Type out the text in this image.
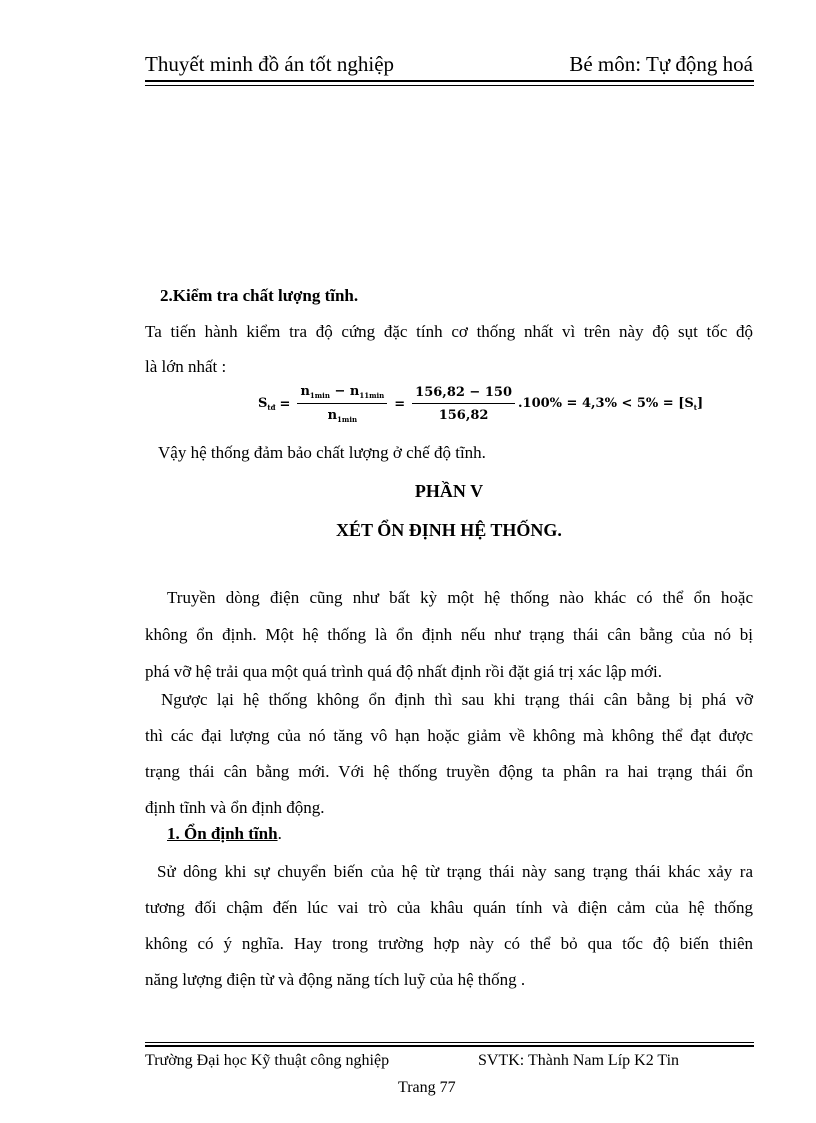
Thuyết minh đồ án tốt nghiệp	Bé môn: Tự động hoá
2.Kiểm tra chất lượng tĩnh.
Ta tiến hành kiểm tra độ cứng đặc tính cơ thống nhất vì trên này độ sụt tốc độ
là lớn nhất :
$S_{tđ} = \frac{n_{1min} - n_{11min}}{n_{1min}} = \frac{156,82 - 150}{156,82} .100\% = 4,3\% < 5\% = [S_t]$
Vậy hệ thống đảm bảo chất lượng ở chế độ tĩnh.
PHẦN V
XÉT ỔN ĐỊNH HỆ THỐNG.
Truyền dòng điện cũng như bất kỳ một hệ thống nào khác có thể ổn hoặc
không ổn định. Một hệ thống là ổn định nếu như trạng thái cân bằng của nó bị
phá vỡ hệ trải qua một quá trình quá độ nhất định rồi đặt giá trị xác lập mới.
Ngược lại hệ thống không ổn định thì sau khi trạng thái cân bằng bị phá vỡ
thì các đại lượng của nó tăng vô hạn hoặc giảm về không mà không thể đạt được
trạng thái cân bằng mới. Với hệ thống truyền động ta phân ra hai trạng thái ổn
định tĩnh và ổn định động.
1. Ổn định tĩnh.
Sử dông khi sự chuyển biến của hệ từ trạng thái này sang trạng thái khác xảy ra
tương đối chậm đến lúc vai trò của khâu quán tính và điện cảm của hệ thống
không có ý nghĩa. Hay trong trường hợp này có thể bỏ qua tốc độ biến thiên
năng lượng điện từ và động năng tích luỹ của hệ thống .
Trường Đại học Kỹ thuật công nghiệp	SVTK: Thành Nam Líp K2 Tin
Trang 77
